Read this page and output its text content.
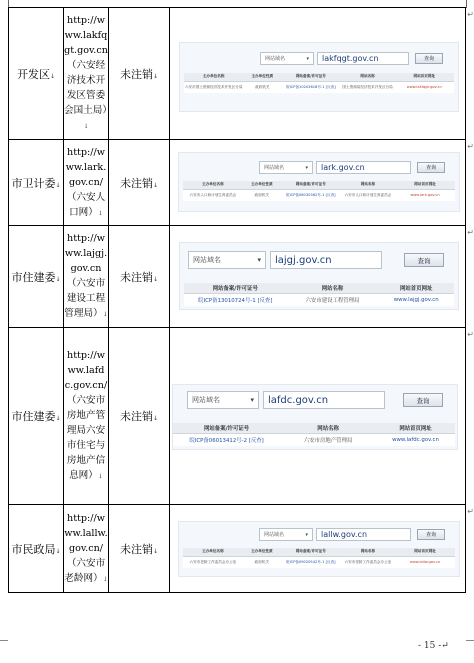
开发区↓	http://www.lakfqgt.gov.cn（六安经济技术开发区管委会国土局）↓	未注销↓	
↵
网站域名	▾ lakfqgt.gov.cn	查询
主办单位名称	主办单位性质	网站备案/许可证号	网站名称	网站首页网址
六安市国土资源经济技术开发区分局	政府机关	皖ICP备10203618号-1 [反查]	国土资源局经济技术开发区分局	www.lakfqgt.gov.cn

市卫计委↓	http://www.lark.gov.cn/（六安人口网）↓	未注销↓	
↵
网站域名	▾ lark.gov.cn	查询
主办单位名称	主办单位性质	网站备案/许可证号	网站名称	网站首页网址
六安市人口和计划生育委员会	政府机关	皖ICP备08030362号-1 [反查]	六安市人口和计划生育委员会	www.lark.gov.cn

市住建委↓	http://www.lajgj.gov.cn（六安市建设工程管理局）↓	未注销↓	
↵
网站域名	▾ lajgj.gov.cn	查询
网站备案/许可证号	网站名称	网站首页网址
皖ICP备13010724号-1 [反查]	六安市建设工程管理局	www.lajgj.gov.cn

市住建委↓	http://www.lafdc.gov.cn/（六安市房地产管理局六安市住宅与房地产信息网）↓	未注销↓	
↵
网站域名	▾ lafdc.gov.cn	查询
网站备案/许可证号	网站名称	网站首页网址
皖ICP备06013412号-2 [反查]	六安市房地产管理局	www.lafdc.gov.cn

市民政局↓	http://www.lallw.gov.cn/（六安市老龄网）↓	未注销↓	
↵
网站域名	▾ lallw.gov.cn	查询
主办单位名称	主办单位性质	网站备案/许可证号	网站名称	网站首页网址
六安市老龄工作委员会办公室	政府机关	皖ICP备09020542号-1 [反查]	六安市老龄工作委员会办公室	www.lallw.gov.cn
- 15 -↵
